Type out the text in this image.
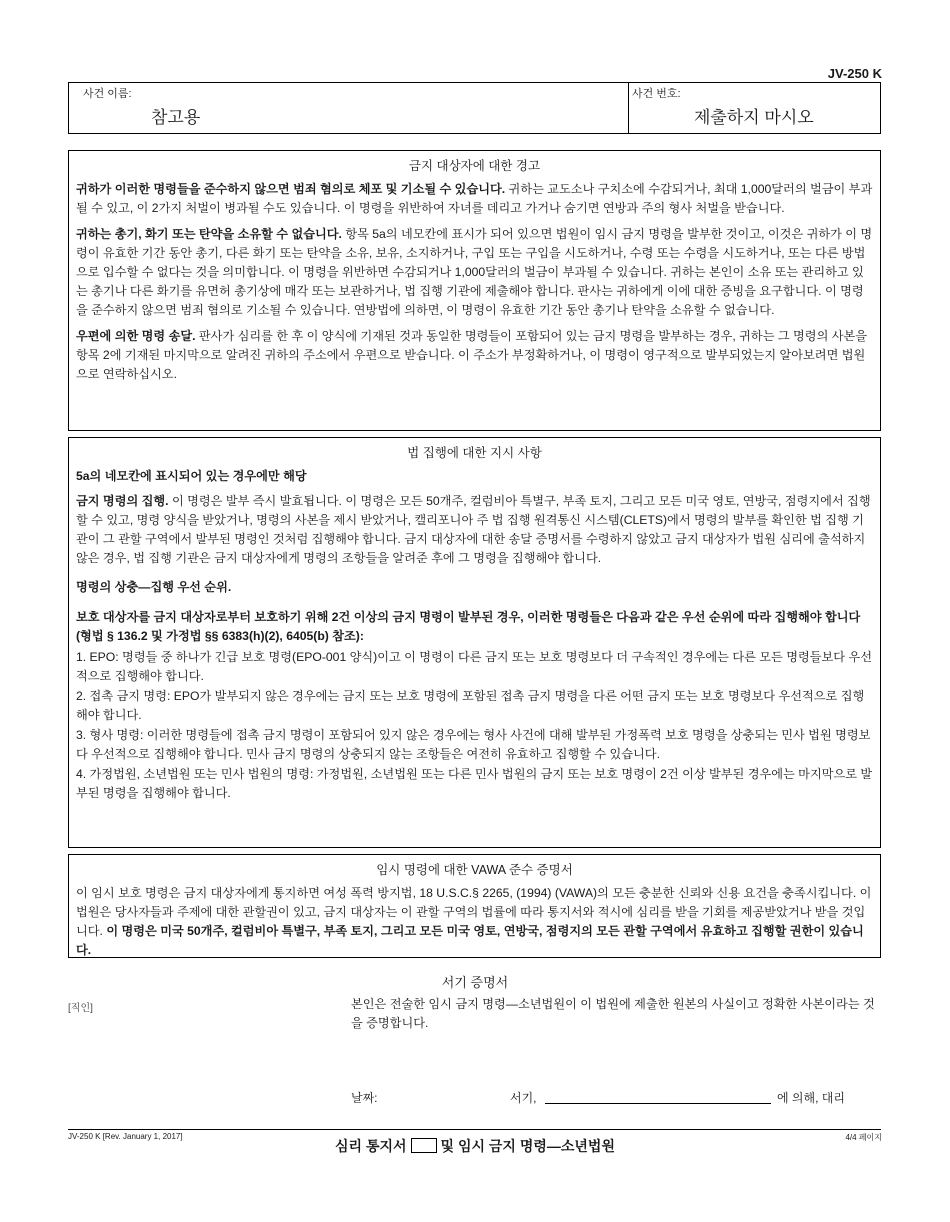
JV-250 K
사건 이름:
참고용
사건 번호:
제출하지 마시오
금지 대상자에 대한 경고

귀하가 이러한 명령들을 준수하지 않으면 범죄 혐의로 체포 및 기소될 수 있습니다. 귀하는 교도소나 구치소에 수감되거나, 최대 1,000달러의 벌금이 부과될 수 있고, 이 2가지 처벌이 병과될 수도 있습니다. 이 명령을 위반하여 자녀를 데리고 가거나 숨기면 연방과 주의 형사 처벌을 받습니다.

귀하는 총기, 화기 또는 탄약을 소유할 수 없습니다. 항목 5a의 네모칸에 표시가 되어 있으면 법원이 임시 금지 명령을 발부한 것이고, 이것은 귀하가 이 명령이 유효한 기간 동안 총기, 다른 화기 또는 탄약을 소유, 보유, 소지하거나, 구입 또는 구입을 시도하거나, 수령 또는 수령을 시도하거나, 또는 다른 방법으로 입수할 수 없다는 것을 의미합니다. 이 명령을 위반하면 수감되거나 1,000달러의 벌금이 부과될 수 있습니다. 귀하는 본인이 소유 또는 관리하고 있는 총기나 다른 화기를 유면허 총기상에 매각 또는 보관하거나, 법 집행 기관에 제출해야 합니다. 판사는 귀하에게 이에 대한 증빙을 요구합니다. 이 명령을 준수하지 않으면 범죄 혐의로 기소될 수 있습니다. 연방법에 의하면, 이 명령이 유효한 기간 동안 총기나 탄약을 소유할 수 없습니다.

우편에 의한 명령 송달. 판사가 심리를 한 후 이 양식에 기재된 것과 동일한 명령들이 포함되어 있는 금지 명령을 발부하는 경우, 귀하는 그 명령의 사본을 항목 2에 기재된 마지막으로 알려진 귀하의 주소에서 우편으로 받습니다. 이 주소가 부정확하거나, 이 명령이 영구적으로 발부되었는지 알아보려면 법원으로 연락하십시오.

법 집행에 대한 지시 사항
5a의 네모칸에 표시되어 있는 경우에만 해당

금지 명령의 집행. 이 명령은 발부 즉시 발효됩니다. 이 명령은 모든 50개주, 컬럼비아 특별구, 부족 토지, 그리고 모든 미국 영토, 연방국, 점령지에서 집행할 수 있고, 명령 양식을 받았거나, 명령의 사본을 제시 받았거나, 캘리포니아 주 법 집행 원격통신 시스템(CLETS)에서 명령의 발부를 확인한 법 집행 기관이 그 관할 구역에서 발부된 명령인 것처럼 집행해야 합니다. 금지 대상자에 대한 송달 증명서를 수령하지 않았고 금지 대상자가 법원 심리에 출석하지 않은 경우, 법 집행 기관은 금지 대상자에게 명령의 조항들을 알려준 후에 그 명령을 집행해야 합니다.

명령의 상충—집행 우선 순위.
보호 대상자를 금지 대상자로부터 보호하기 위해 2건 이상의 금지 명령이 발부된 경우, 이러한 명령들은 다음과 같은 우선 순위에 따라 집행해야 합니다(형법 § 136.2 및 가정법 §§ 6383(h)(2), 6405(b) 참조):
1. EPO: 명령들 중 하나가 긴급 보호 명령(EPO-001 양식)이고 이 명령이 다른 금지 또는 보호 명령보다 더 구속적인 경우에는 다른 모든 명령들보다 우선적으로 집행해야 합니다.
2. 접촉 금지 명령: EPO가 발부되지 않은 경우에는 금지 또는 보호 명령에 포함된 접촉 금지 명령을 다른 어떤 금지 또는 보호 명령보다 우선적으로 집행해야 합니다.
3. 형사 명령: 이러한 명령들에 접촉 금지 명령이 포함되어 있지 않은 경우에는 형사 사건에 대해 발부된 가정폭력 보호 명령을 상충되는 민사 법원 명령보다 우선적으로 집행해야 합니다. 민사 금지 명령의 상충되지 않는 조항들은 여전히 유효하고 집행할 수 있습니다.
4. 가정법원, 소년법원 또는 민사 법원의 명령: 가정법원, 소년법원 또는 다른 민사 법원의 금지 또는 보호 명령이 2건 이상 발부된 경우에는 마지막으로 발부된 명령을 집행해야 합니다.
임시 명령에 대한 VAWA 준수 증명서

이 임시 보호 명령은 금지 대상자에게 통지하면 여성 폭력 방지법, 18 U.S.C.§ 2265, (1994) (VAWA)의 모든 충분한 신뢰와 신용 요건을 충족시킵니다. 이 법원은 당사자들과 주제에 대한 관할권이 있고, 금지 대상자는 이 관할 구역의 법률에 따라 통지서와 적시에 심리를 받을 기회를 제공받았거나 받을 것입니다. 이 명령은 미국 50개주, 컬럼비아 특별구, 부족 토지, 그리고 모든 미국 영토, 연방국, 점령지의 모든 관할 구역에서 유효하고 집행할 권한이 있습니다.

서기 증명서
[직인]	본인은 전술한 임시 금지 명령—소년법원이 이 법원에 제출한 원본의 사실이고 정확한 사본이라는 것을 증명합니다.
날짜:	서기,	에 의해, 대리
JV-250 K [Rev. January 1, 2017]	4/4 페이지
심리 통지서 및 임시 금지 명령—소년법원
